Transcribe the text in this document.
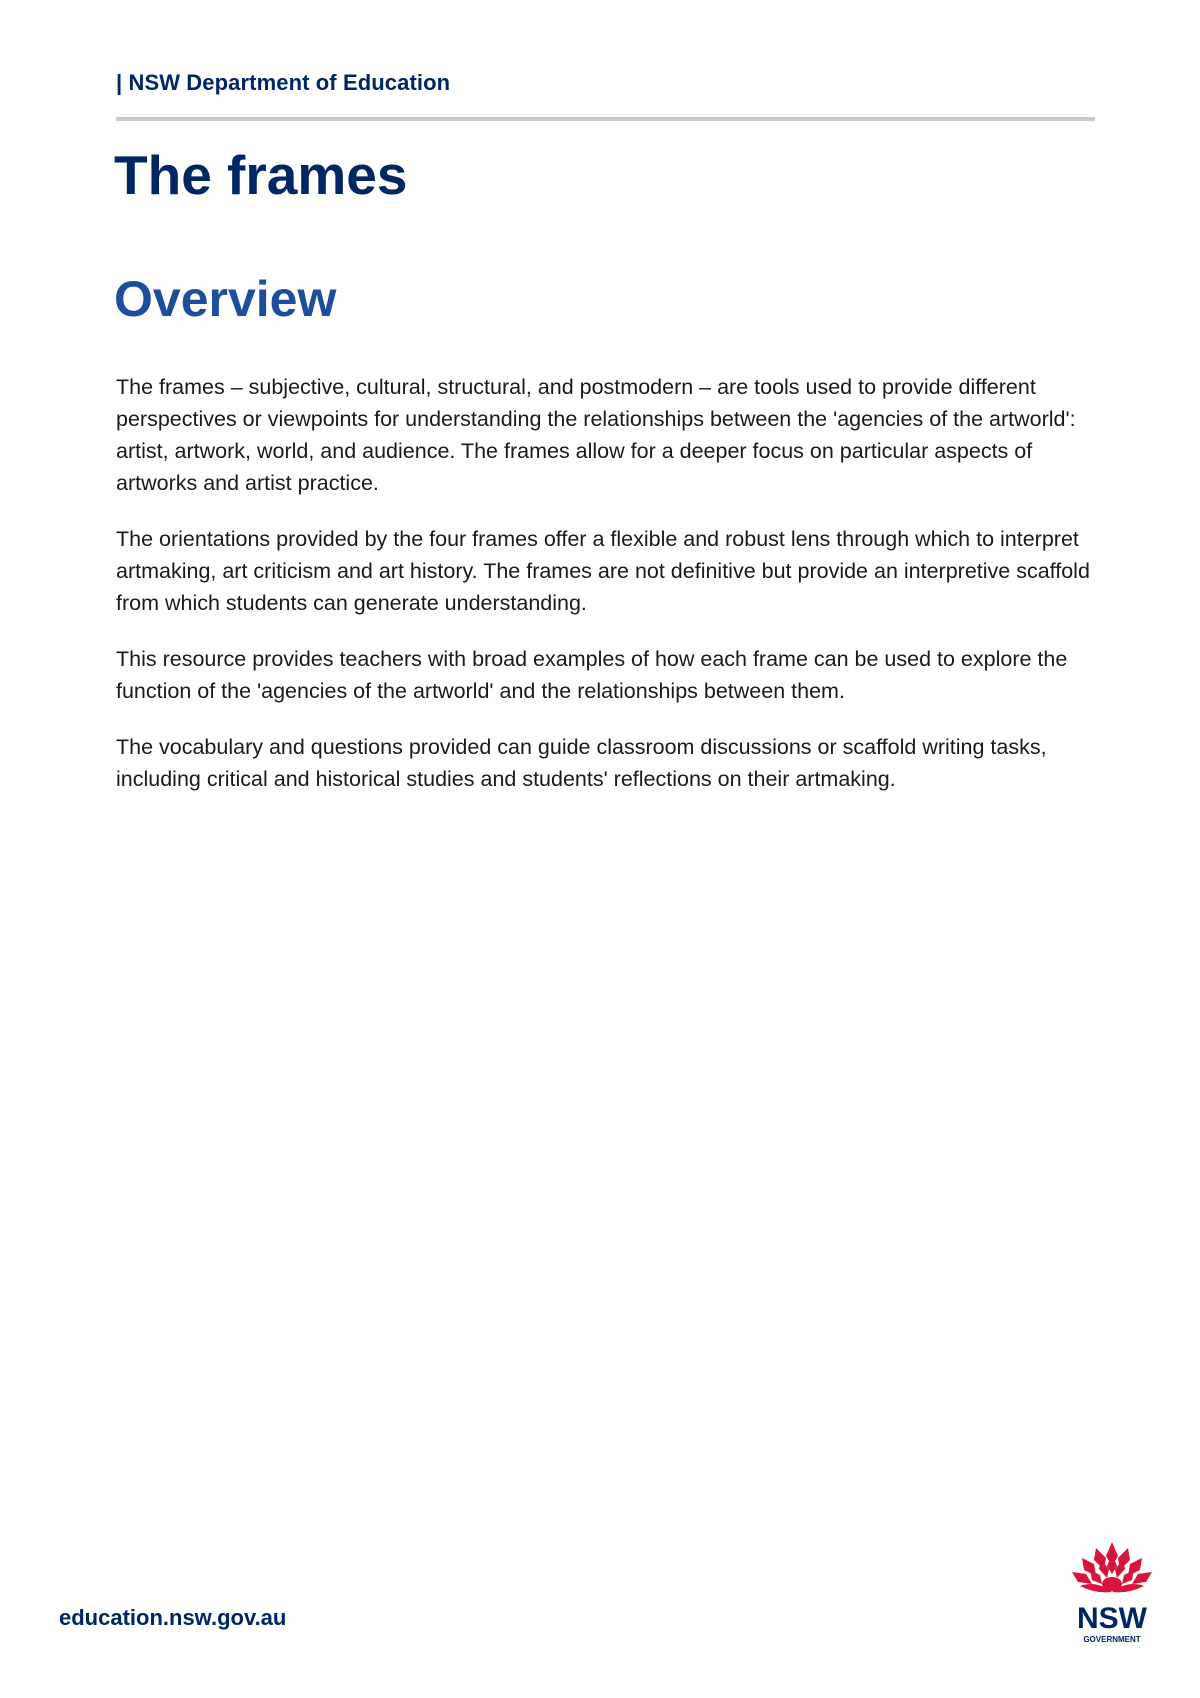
| NSW Department of Education
The frames
Overview

The frames – subjective, cultural, structural, and postmodern – are tools used to provide different perspectives or viewpoints for understanding the relationships between the 'agencies of the artworld': artist, artwork, world, and audience. The frames allow for a deeper focus on particular aspects of artworks and artist practice.

The orientations provided by the four frames offer a flexible and robust lens through which to interpret artmaking, art criticism and art history. The frames are not definitive but provide an interpretive scaffold from which students can generate understanding.

This resource provides teachers with broad examples of how each frame can be used to explore the function of the 'agencies of the artworld' and the relationships between them.

The vocabulary and questions provided can guide classroom discussions or scaffold writing tasks, including critical and historical studies and students' reflections on their artmaking.

education.nsw.gov.au	NSW
GOVERNMENT
